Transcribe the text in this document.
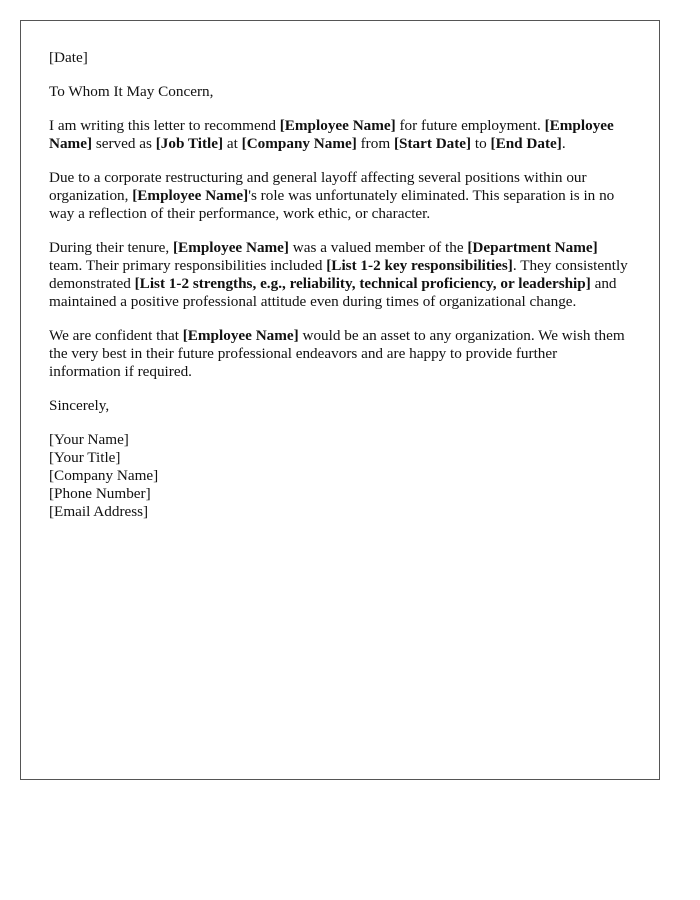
[Date]

To Whom It May Concern,

I am writing this letter to recommend [Employee Name] for future employment. [Employee Name] served as [Job Title] at [Company Name] from [Start Date] to [End Date].

Due to a corporate restructuring and general layoff affecting several positions within our organization, [Employee Name]'s role was unfortunately eliminated. This separation is in no way a reflection of their performance, work ethic, or character.

During their tenure, [Employee Name] was a valued member of the [Department Name] team. Their primary responsibilities included [List 1-2 key responsibilities]. They consistently demonstrated [List 1-2 strengths, e.g., reliability, technical proficiency, or leadership] and maintained a positive professional attitude even during times of organizational change.

We are confident that [Employee Name] would be an asset to any organization. We wish them the very best in their future professional endeavors and are happy to provide further information if required.

Sincerely,

[Your Name]
[Your Title]
[Company Name]
[Phone Number]
[Email Address]
